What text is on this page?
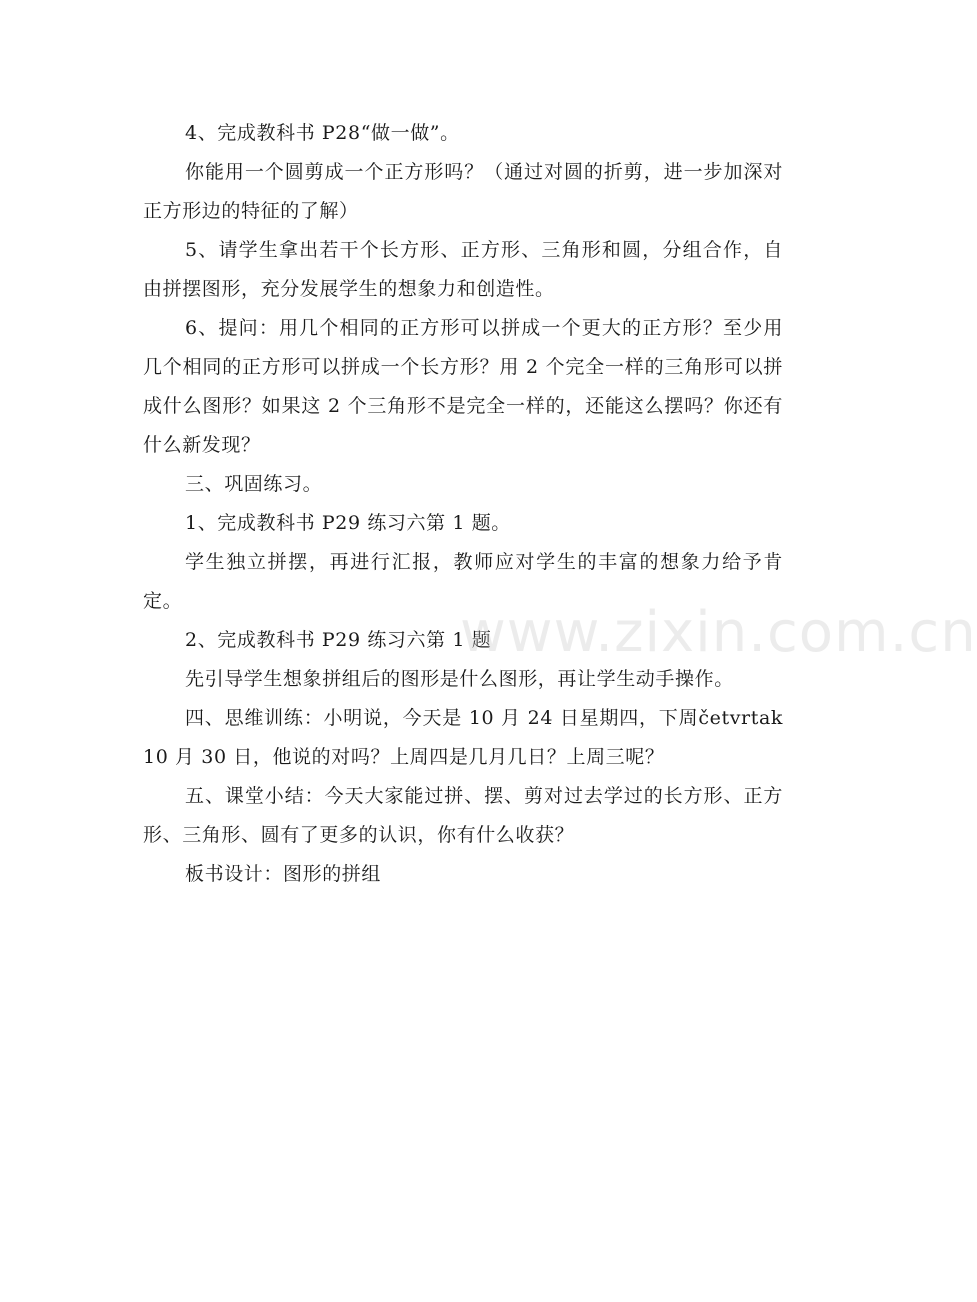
4、完成教科书 P28“做一做”。

你能用一个圆剪成一个正方形吗？（通过对圆的折剪，进一步加深对正方形边的特征的了解）

5、请学生拿出若干个长方形、正方形、三角形和圆，分组合作，自由拼摆图形，充分发展学生的想象力和创造性。

6、提问：用几个相同的正方形可以拼成一个更大的正方形？至少用几个相同的正方形可以拼成一个长方形？用 2 个完全一样的三角形可以拼成什么图形？如果这 2 个三角形不是完全一样的，还能这么摆吗？你还有什么新发现？

三、巩固练习。

1、完成教科书 P29 练习六第 1 题。

学生独立拼摆，再进行汇报，教师应对学生的丰富的想象力给予肯定。

2、完成教科书 P29 练习六第 1 题

先引导学生想象拼组后的图形是什么图形，再让学生动手操作。

四、思维训练：小明说，今天是 10 月 24 日星期四，下周četvrtak 10 月 30 日，他说的对吗？上周四是几月几日？上周三呢？

五、课堂小结：今天大家能过拼、摆、剪对过去学过的长方形、正方形、三角形、圆有了更多的认识，你有什么收获？

板书设计：图形的拼组

www.zixin.com.cn
